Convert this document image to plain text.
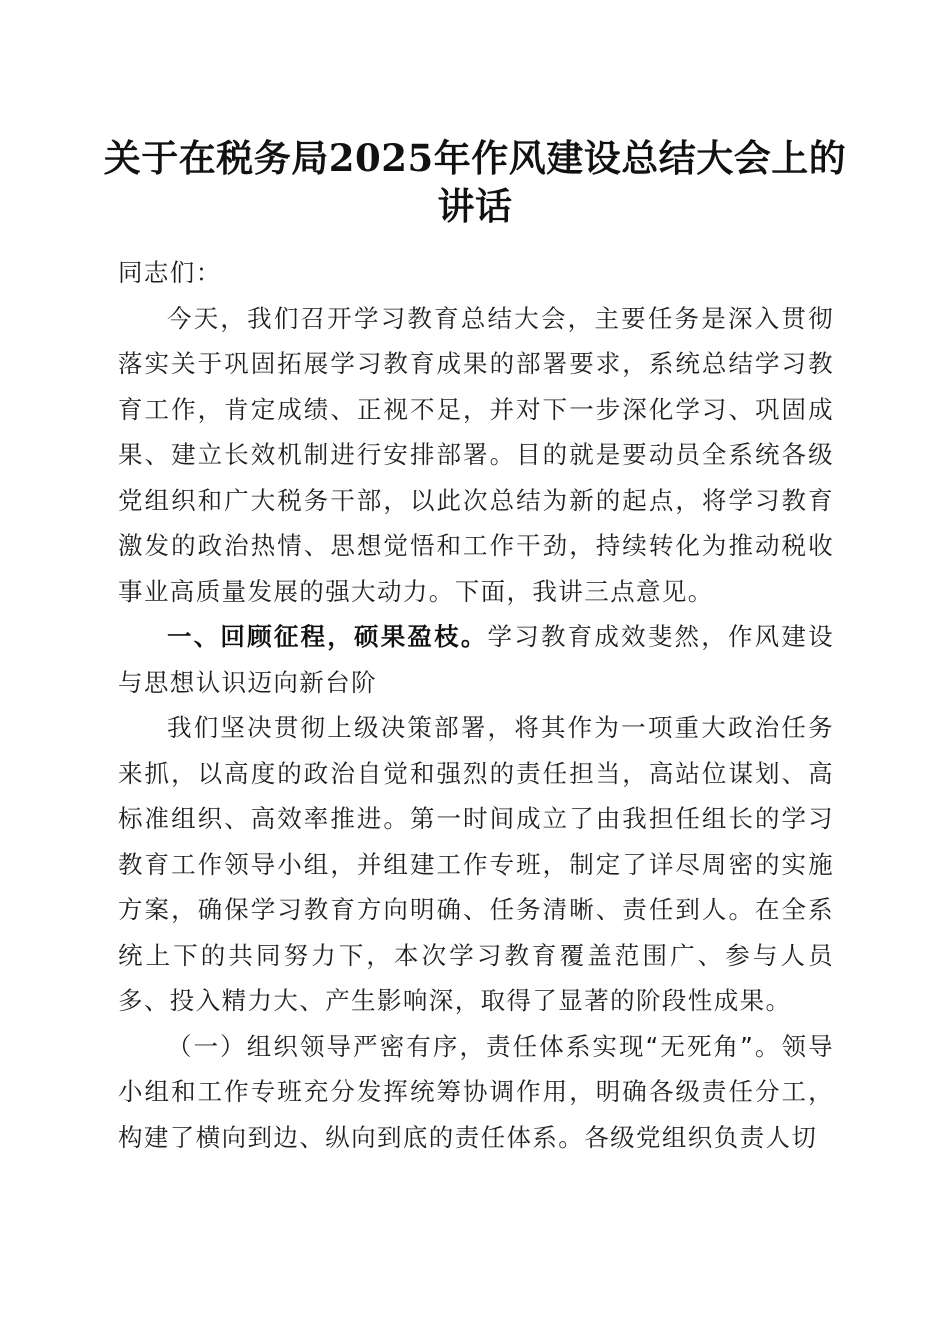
关于在税务局2025年作风建设总结大会上的讲话

同志们：

今天，我们召开学习教育总结大会，主要任务是深入贯彻落实关于巩固拓展学习教育成果的部署要求，系统总结学习教育工作，肯定成绩、正视不足，并对下一步深化学习、巩固成果、建立长效机制进行安排部署。目的就是要动员全系统各级党组织和广大税务干部，以此次总结为新的起点，将学习教育激发的政治热情、思想觉悟和工作干劲，持续转化为推动税收事业高质量发展的强大动力。下面，我讲三点意见。

一、回顾征程，硕果盈枝。学习教育成效斐然，作风建设与思想认识迈向新台阶

我们坚决贯彻上级决策部署，将其作为一项重大政治任务来抓，以高度的政治自觉和强烈的责任担当，高站位谋划、高标准组织、高效率推进。第一时间成立了由我担任组长的学习教育工作领导小组，并组建工作专班，制定了详尽周密的实施方案，确保学习教育方向明确、任务清晰、责任到人。在全系统上下的共同努力下，本次学习教育覆盖范围广、参与人员多、投入精力大、产生影响深，取得了显著的阶段性成果。

（一）组织领导严密有序，责任体系实现“无死角”。领导小组和工作专班充分发挥统筹协调作用，明确各级责任分工，构建了横向到边、纵向到底的责任体系。各级党组织负责人切
